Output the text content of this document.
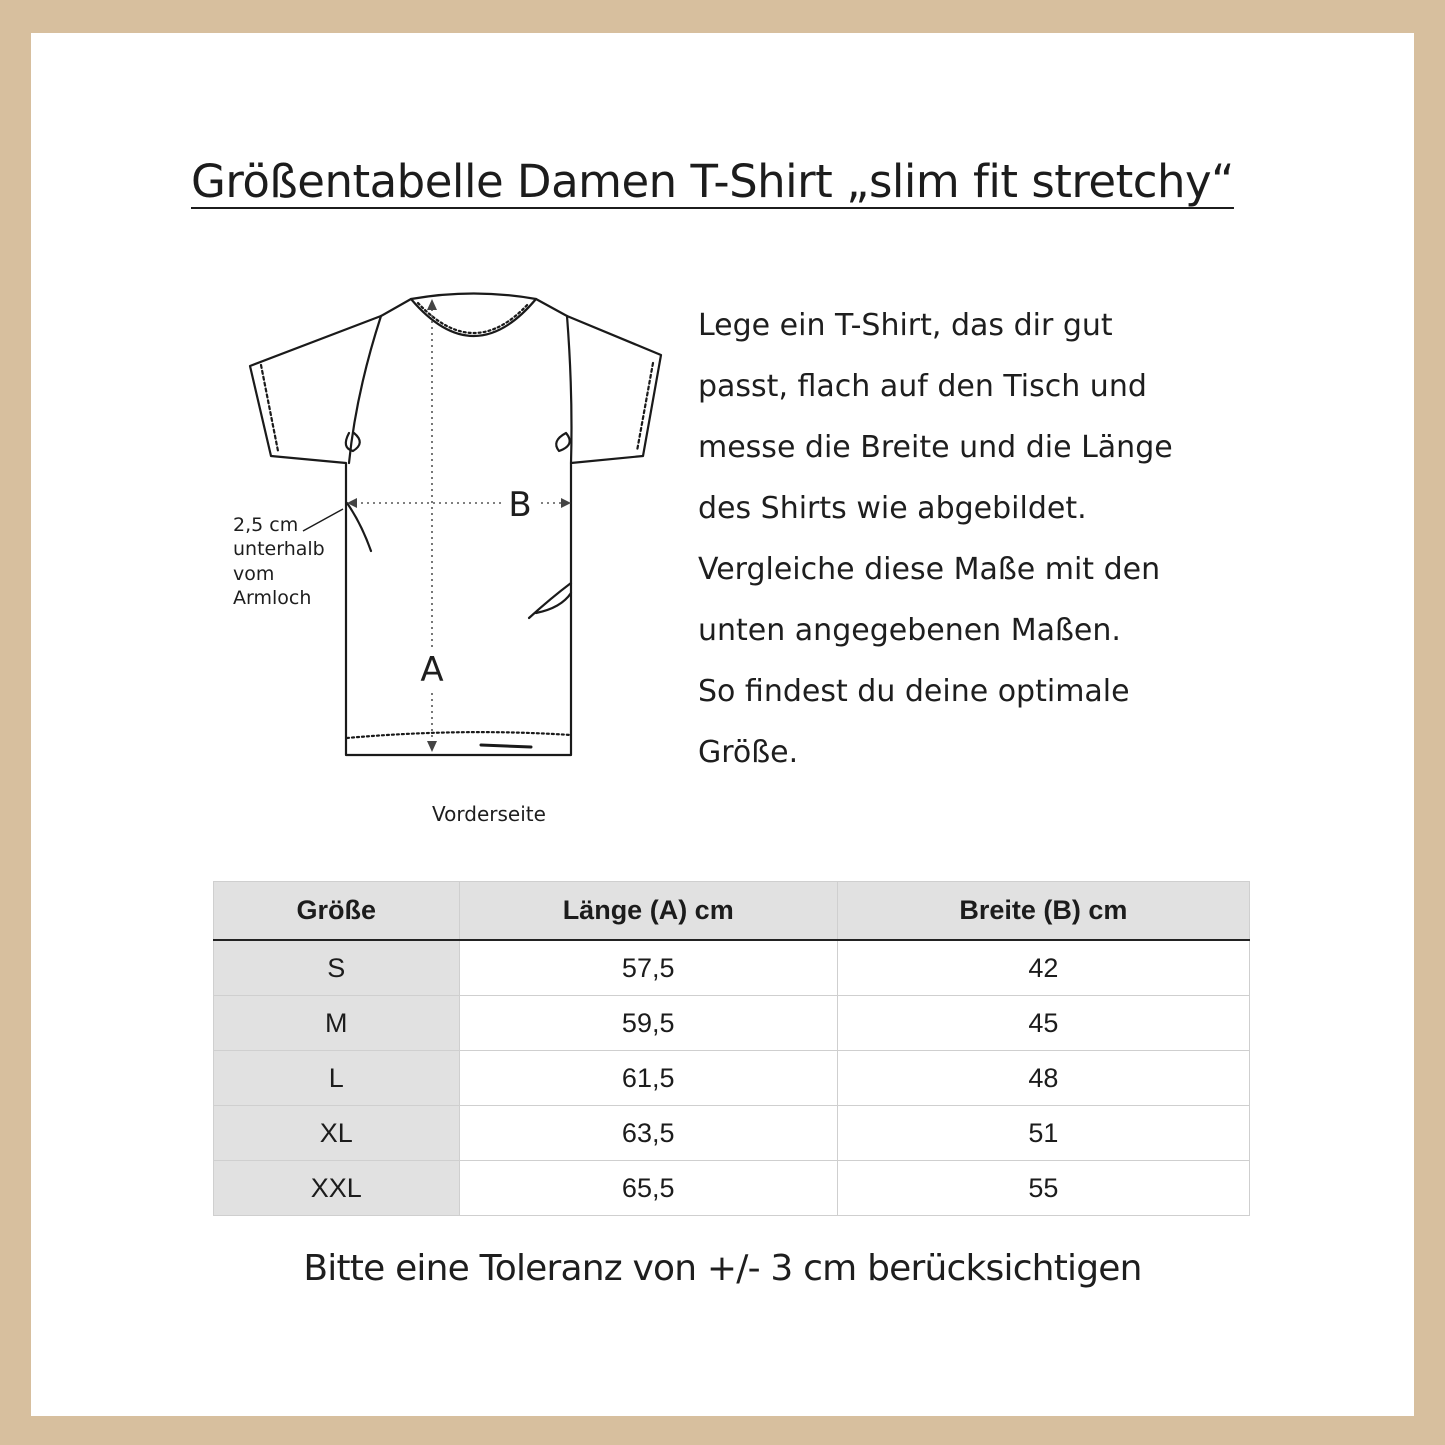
Größentabelle Damen T-Shirt „slim fit stretchy“
B
A
2,5 cm
unterhalb
vom
Armloch
Vorderseite

Lege ein T-Shirt, das dir gut
passt, flach auf den Tisch und
messe die Breite und die Länge
des Shirts wie abgebildet.
Vergleiche diese Maße mit den
unten angegebenen Maßen.
So findest du deine optimale
Größe.

Größe	Länge (A) cm	Breite (B) cm
S	57,5	42
M	59,5	45
L	61,5	48
XL	63,5	51
XXL	65,5	55

Bitte eine Toleranz von +/- 3 cm berücksichtigen
